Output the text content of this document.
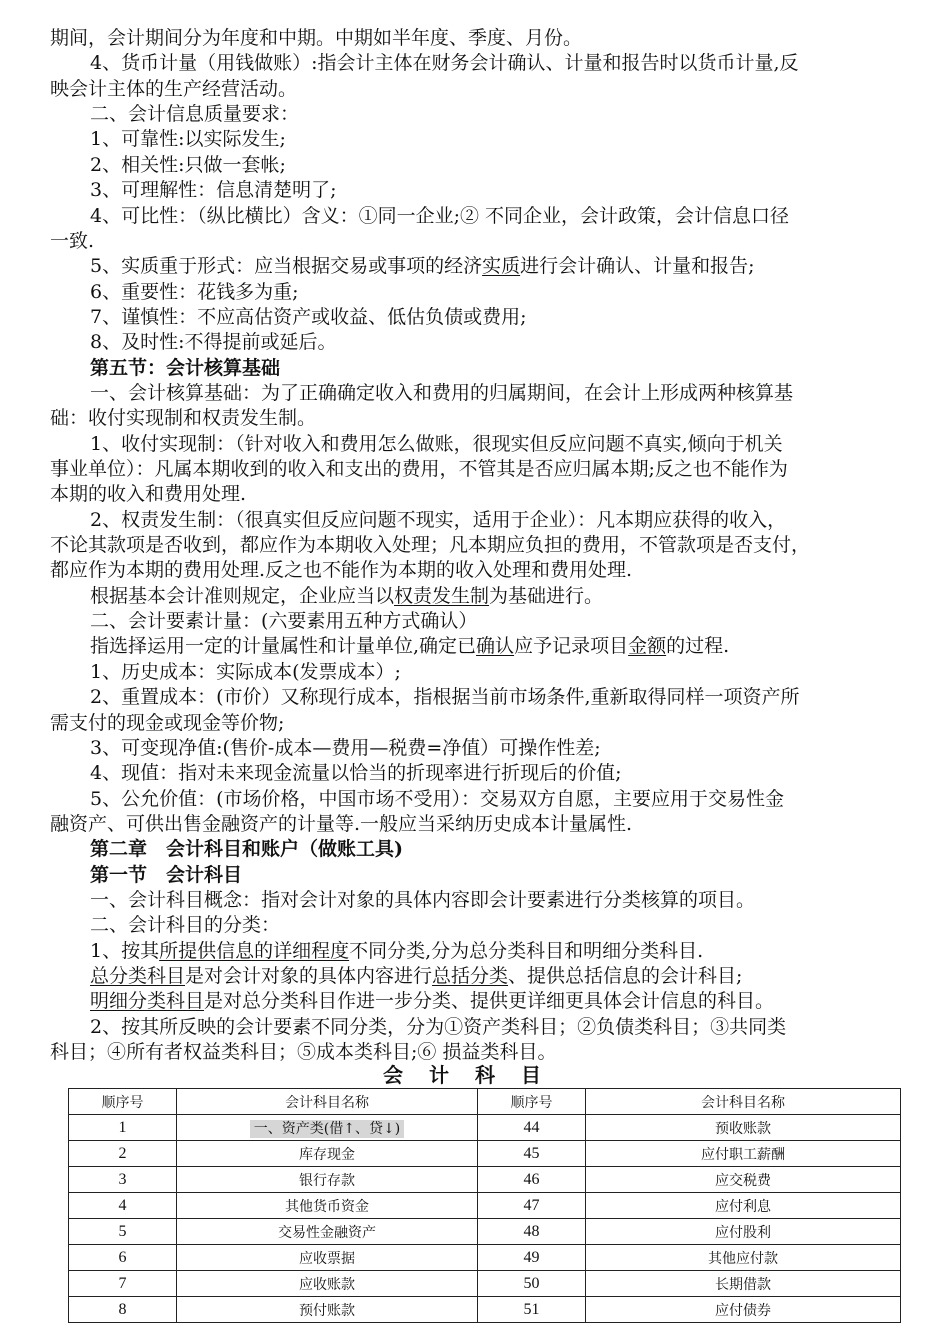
期间，会计期间分为年度和中期。中期如半年度、季度、月份。
4、货币计量（用钱做账）:指会计主体在财务会计确认、计量和报告时以货币计量,反
映会计主体的生产经营活动。
二、会计信息质量要求：
1、可靠性:以实际发生;
2、相关性:只做一套帐;
3、可理解性：信息清楚明了;
4、可比性：（纵比横比）含义：①同一企业;② 不同企业，会计政策，会计信息口径
一致.
5、实质重于形式：应当根据交易或事项的经济实质进行会计确认、计量和报告;
6、重要性：花钱多为重;
7、谨慎性：不应高估资产或收益、低估负债或费用;
8、及时性:不得提前或延后。
第五节：会计核算基础
一、会计核算基础：为了正确确定收入和费用的归属期间，在会计上形成两种核算基
础：收付实现制和权责发生制。
1、收付实现制：（针对收入和费用怎么做账，很现实但反应问题不真实,倾向于机关
事业单位）：凡属本期收到的收入和支出的费用，不管其是否应归属本期;反之也不能作为
本期的收入和费用处理.
2、权责发生制：（很真实但反应问题不现实，适用于企业）：凡本期应获得的收入，
不论其款项是否收到，都应作为本期收入处理；凡本期应负担的费用，不管款项是否支付，
都应作为本期的费用处理.反之也不能作为本期的收入处理和费用处理.
根据基本会计准则规定，企业应当以权责发生制为基础进行。
二、会计要素计量：(六要素用五种方式确认）
指选择运用一定的计量属性和计量单位,确定已确认应予记录项目金额的过程.
1、历史成本：实际成本(发票成本）;
2、重置成本：(市价）又称现行成本，指根据当前市场条件,重新取得同样一项资产所
需支付的现金或现金等价物;
3、可变现净值:(售价-成本—费用—税费=净值）可操作性差;
4、现值：指对未来现金流量以恰当的折现率进行折现后的价值;
5、公允价值：(市场价格，中国市场不受用）：交易双方自愿，主要应用于交易性金
融资产、可供出售金融资产的计量等.一般应当采纳历史成本计量属性.
第二章　会计科目和账户（做账工具)
第一节　会计科目
一、会计科目概念：指对会计对象的具体内容即会计要素进行分类核算的项目。
二、会计科目的分类：
1、按其所提供信息的详细程度不同分类,分为总分类科目和明细分类科目.
总分类科目是对会计对象的具体内容进行总括分类、提供总括信息的会计科目;
明细分类科目是对总分类科目作进一步分类、提供更详细更具体会计信息的科目。
会计科目
顺序号	会计科目名称	顺序号	会计科目名称
1	一、资产类(借↑、贷↓)	44	预收账款
2	库存现金	45	应付职工薪酬
3	银行存款	46	应交税费
4	其他货币资金	47	应付利息
5	交易性金融资产	48	应付股利
6	应收票据	49	其他应付款
7	应收账款	50	长期借款
8	预付账款	51	应付债券
2、按其所反映的会计要素不同分类，分为①资产类科目；②负债类科目；③共同类
科目；④所有者权益类科目；⑤成本类科目;⑥ 损益类科目。
